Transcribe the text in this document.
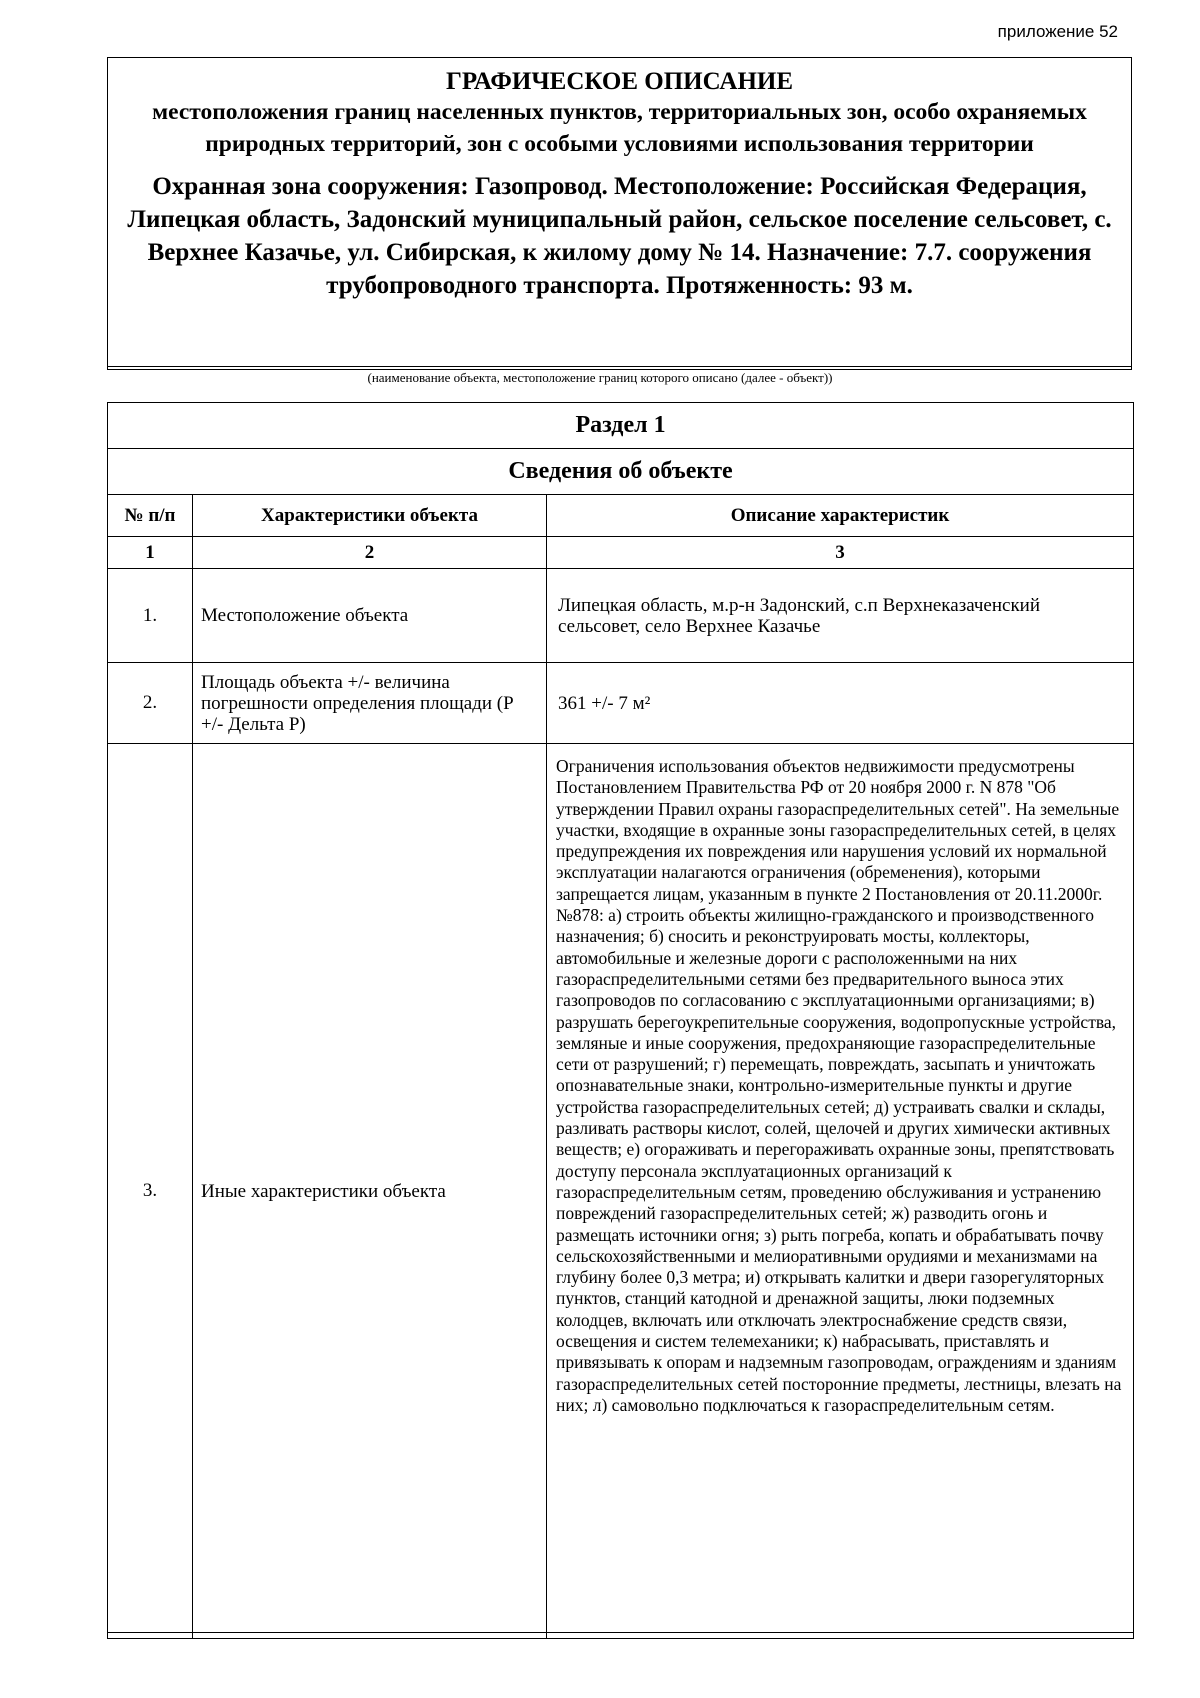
приложение 52
ГРАФИЧЕСКОЕ ОПИСАНИЕ
местоположения границ населенных пунктов, территориальных зон, особо охраняемых природных территорий, зон с особыми условиями использования территории
Охранная зона сооружения: Газопровод. Местоположение: Российская Федерация, Липецкая область, Задонский муниципальный район, сельское поселение сельсовет, с. Верхнее Казачье, ул. Сибирская, к жилому дому № 14. Назначение: 7.7. сооружения трубопроводного транспорта. Протяженность: 93 м.
(наименование объекта, местоположение границ которого описано (далее - объект))
Раздел 1		
Сведения об объекте		
№ п/п	Характеристики объекта	Описание характеристик
1	2	3
1.	Местоположение объекта	Липецкая область, м.р-н Задонский, с.п Верхнеказаченский сельсовет, село Верхнее Казачье
2.	Площадь объекта +/- величина погрешности определения площади (Р +/- Дельта Р)	361 +/- 7 м²
3.	Иные характеристики объекта	Ограничения использования объектов недвижимости предусмотрены Постановлением Правительства РФ от 20 ноября 2000 г. N 878 "Об утверждении Правил охраны газораспределительных сетей". На земельные участки, входящие в охранные зоны газораспределительных сетей, в целях предупреждения их повреждения или нарушения условий их нормальной эксплуатации налагаются ограничения (обременения), которыми запрещается лицам, указанным в пункте 2 Постановления от 20.11.2000г. №878: а) строить объекты жилищно-гражданского и производственного назначения; б) сносить и реконструировать мосты, коллекторы, автомобильные и железные дороги с расположенными на них газораспределительными сетями без предварительного выноса этих газопроводов по согласованию с эксплуатационными организациями; в) разрушать берегоукрепительные сооружения, водопропускные устройства, земляные и иные сооружения, предохраняющие газораспределительные сети от разрушений; г) перемещать, повреждать, засыпать и уничтожать опознавательные знаки, контрольно-измерительные пункты и другие устройства газораспределительных сетей; д) устраивать свалки и склады, разливать растворы кислот, солей, щелочей и других химически активных веществ; е) огораживать и перегораживать охранные зоны, препятствовать доступу персонала эксплуатационных организаций к газораспределительным сетям, проведению обслуживания и устранению повреждений газораспределительных сетей; ж) разводить огонь и размещать источники огня; з) рыть погреба, копать и обрабатывать почву сельскохозяйственными и мелиоративными орудиями и механизмами на глубину более 0,3 метра; и) открывать калитки и двери газорегуляторных пунктов, станций катодной и дренажной защиты, люки подземных колодцев, включать или отключать электроснабжение средств связи, освещения и систем телемеханики; к) набрасывать, приставлять и привязывать к опорам и надземным газопроводам, ограждениям и зданиям газораспределительных сетей посторонние предметы, лестницы, влезать на них; л) самовольно подключаться к газораспределительным сетям.
